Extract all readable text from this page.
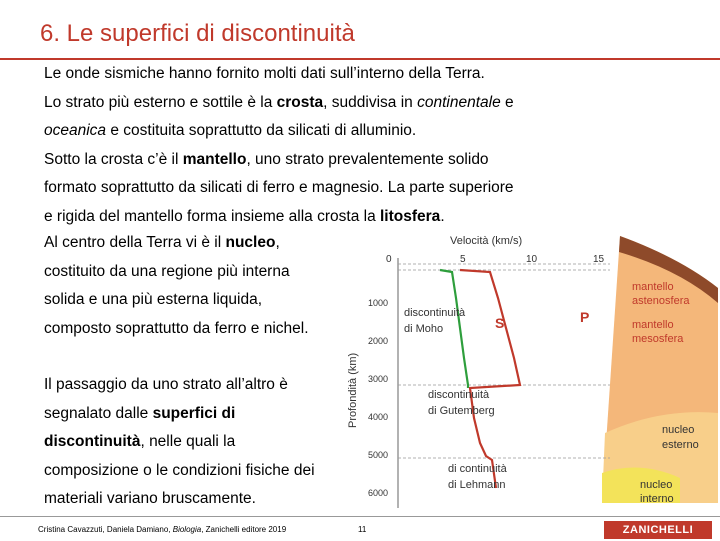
6. Le superfici di discontinuità
Le onde sismiche hanno fornito molti dati sull’interno della Terra.
Lo strato più esterno e sottile è la crosta, suddivisa in continentale e
oceanica e costituita soprattutto da silicati di alluminio.
Sotto la crosta c’è il mantello, uno strato prevalentemente solido
formato soprattutto da silicati di ferro e magnesio. La parte superiore
e rigida del mantello forma insieme alla crosta la litosfera.
Al centro della Terra vi è il nucleo,
costituito da una regione più interna
solida e una più esterna liquida,
composto soprattutto da ferro e nichel.
Il passaggio da uno strato all’altro è
segnalato dalle superfici di
discontinuità, nelle quali la
composizione o le condizioni fisiche dei
materiali variano bruscamente.
Velocità (km/s)
0	5	10	15
1000
2000
3000
4000
5000
6000
Profondità (km)
S	P
discontinuità
di Moho
discontinuità
di Gutemberg
di continuità
di Lehmann
mantello
astenosfera
mantello
mesosfera
nucleo
esterno
nucleo
interno
Cristina Cavazzuti, Daniela Damiano, Biologia, Zanichelli editore 2019	11	ZANICHELLI
